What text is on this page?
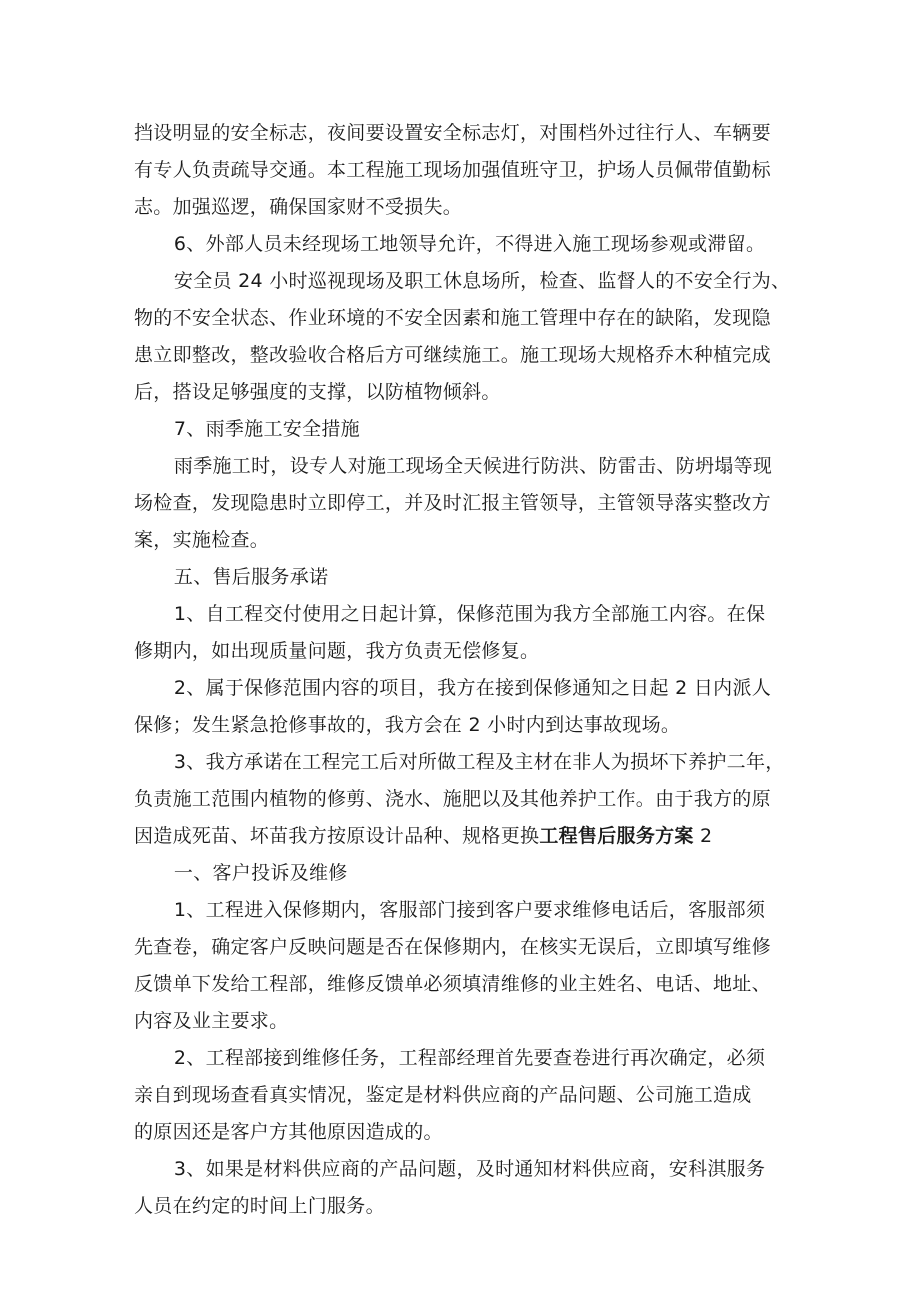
挡设明显的安全标志，夜间要设置安全标志灯，对围档外过往行人、车辆要
有专人负责疏导交通。本工程施工现场加强值班守卫，护场人员佩带值勤标
志。加强巡逻，确保国家财不受损失。

6、外部人员未经现场工地领导允许，不得进入施工现场参观或滞留。

安全员 24 小时巡视现场及职工休息场所，检查、监督人的不安全行为、
物的不安全状态、作业环境的不安全因素和施工管理中存在的缺陷，发现隐
患立即整改，整改验收合格后方可继续施工。施工现场大规格乔木种植完成
后，搭设足够强度的支撑，以防植物倾斜。

7、雨季施工安全措施

雨季施工时，设专人对施工现场全天候进行防洪、防雷击、防坍塌等现
场检查，发现隐患时立即停工，并及时汇报主管领导，主管领导落实整改方
案，实施检查。

五、售后服务承诺

1、自工程交付使用之日起计算，保修范围为我方全部施工内容。在保
修期内，如出现质量问题，我方负责无偿修复。

2、属于保修范围内容的项目，我方在接到保修通知之日起 2 日内派人
保修；发生紧急抢修事故的，我方会在 2 小时内到达事故现场。

3、我方承诺在工程完工后对所做工程及主材在非人为损坏下养护二年，
负责施工范围内植物的修剪、浇水、施肥以及其他养护工作。由于我方的原
因造成死苗、坏苗我方按原设计品种、规格更换工程售后服务方案 2

一、客户投诉及维修

1、工程进入保修期内，客服部门接到客户要求维修电话后，客服部须
先查卷，确定客户反映问题是否在保修期内，在核实无误后，立即填写维修
反馈单下发给工程部，维修反馈单必须填清维修的业主姓名、电话、地址、
内容及业主要求。

2、工程部接到维修任务，工程部经理首先要查卷进行再次确定，必须
亲自到现场查看真实情况，鉴定是材料供应商的产品问题、公司施工造成
的原因还是客户方其他原因造成的。

3、如果是材料供应商的产品问题，及时通知材料供应商，安科淇服务
人员在约定的时间上门服务。
